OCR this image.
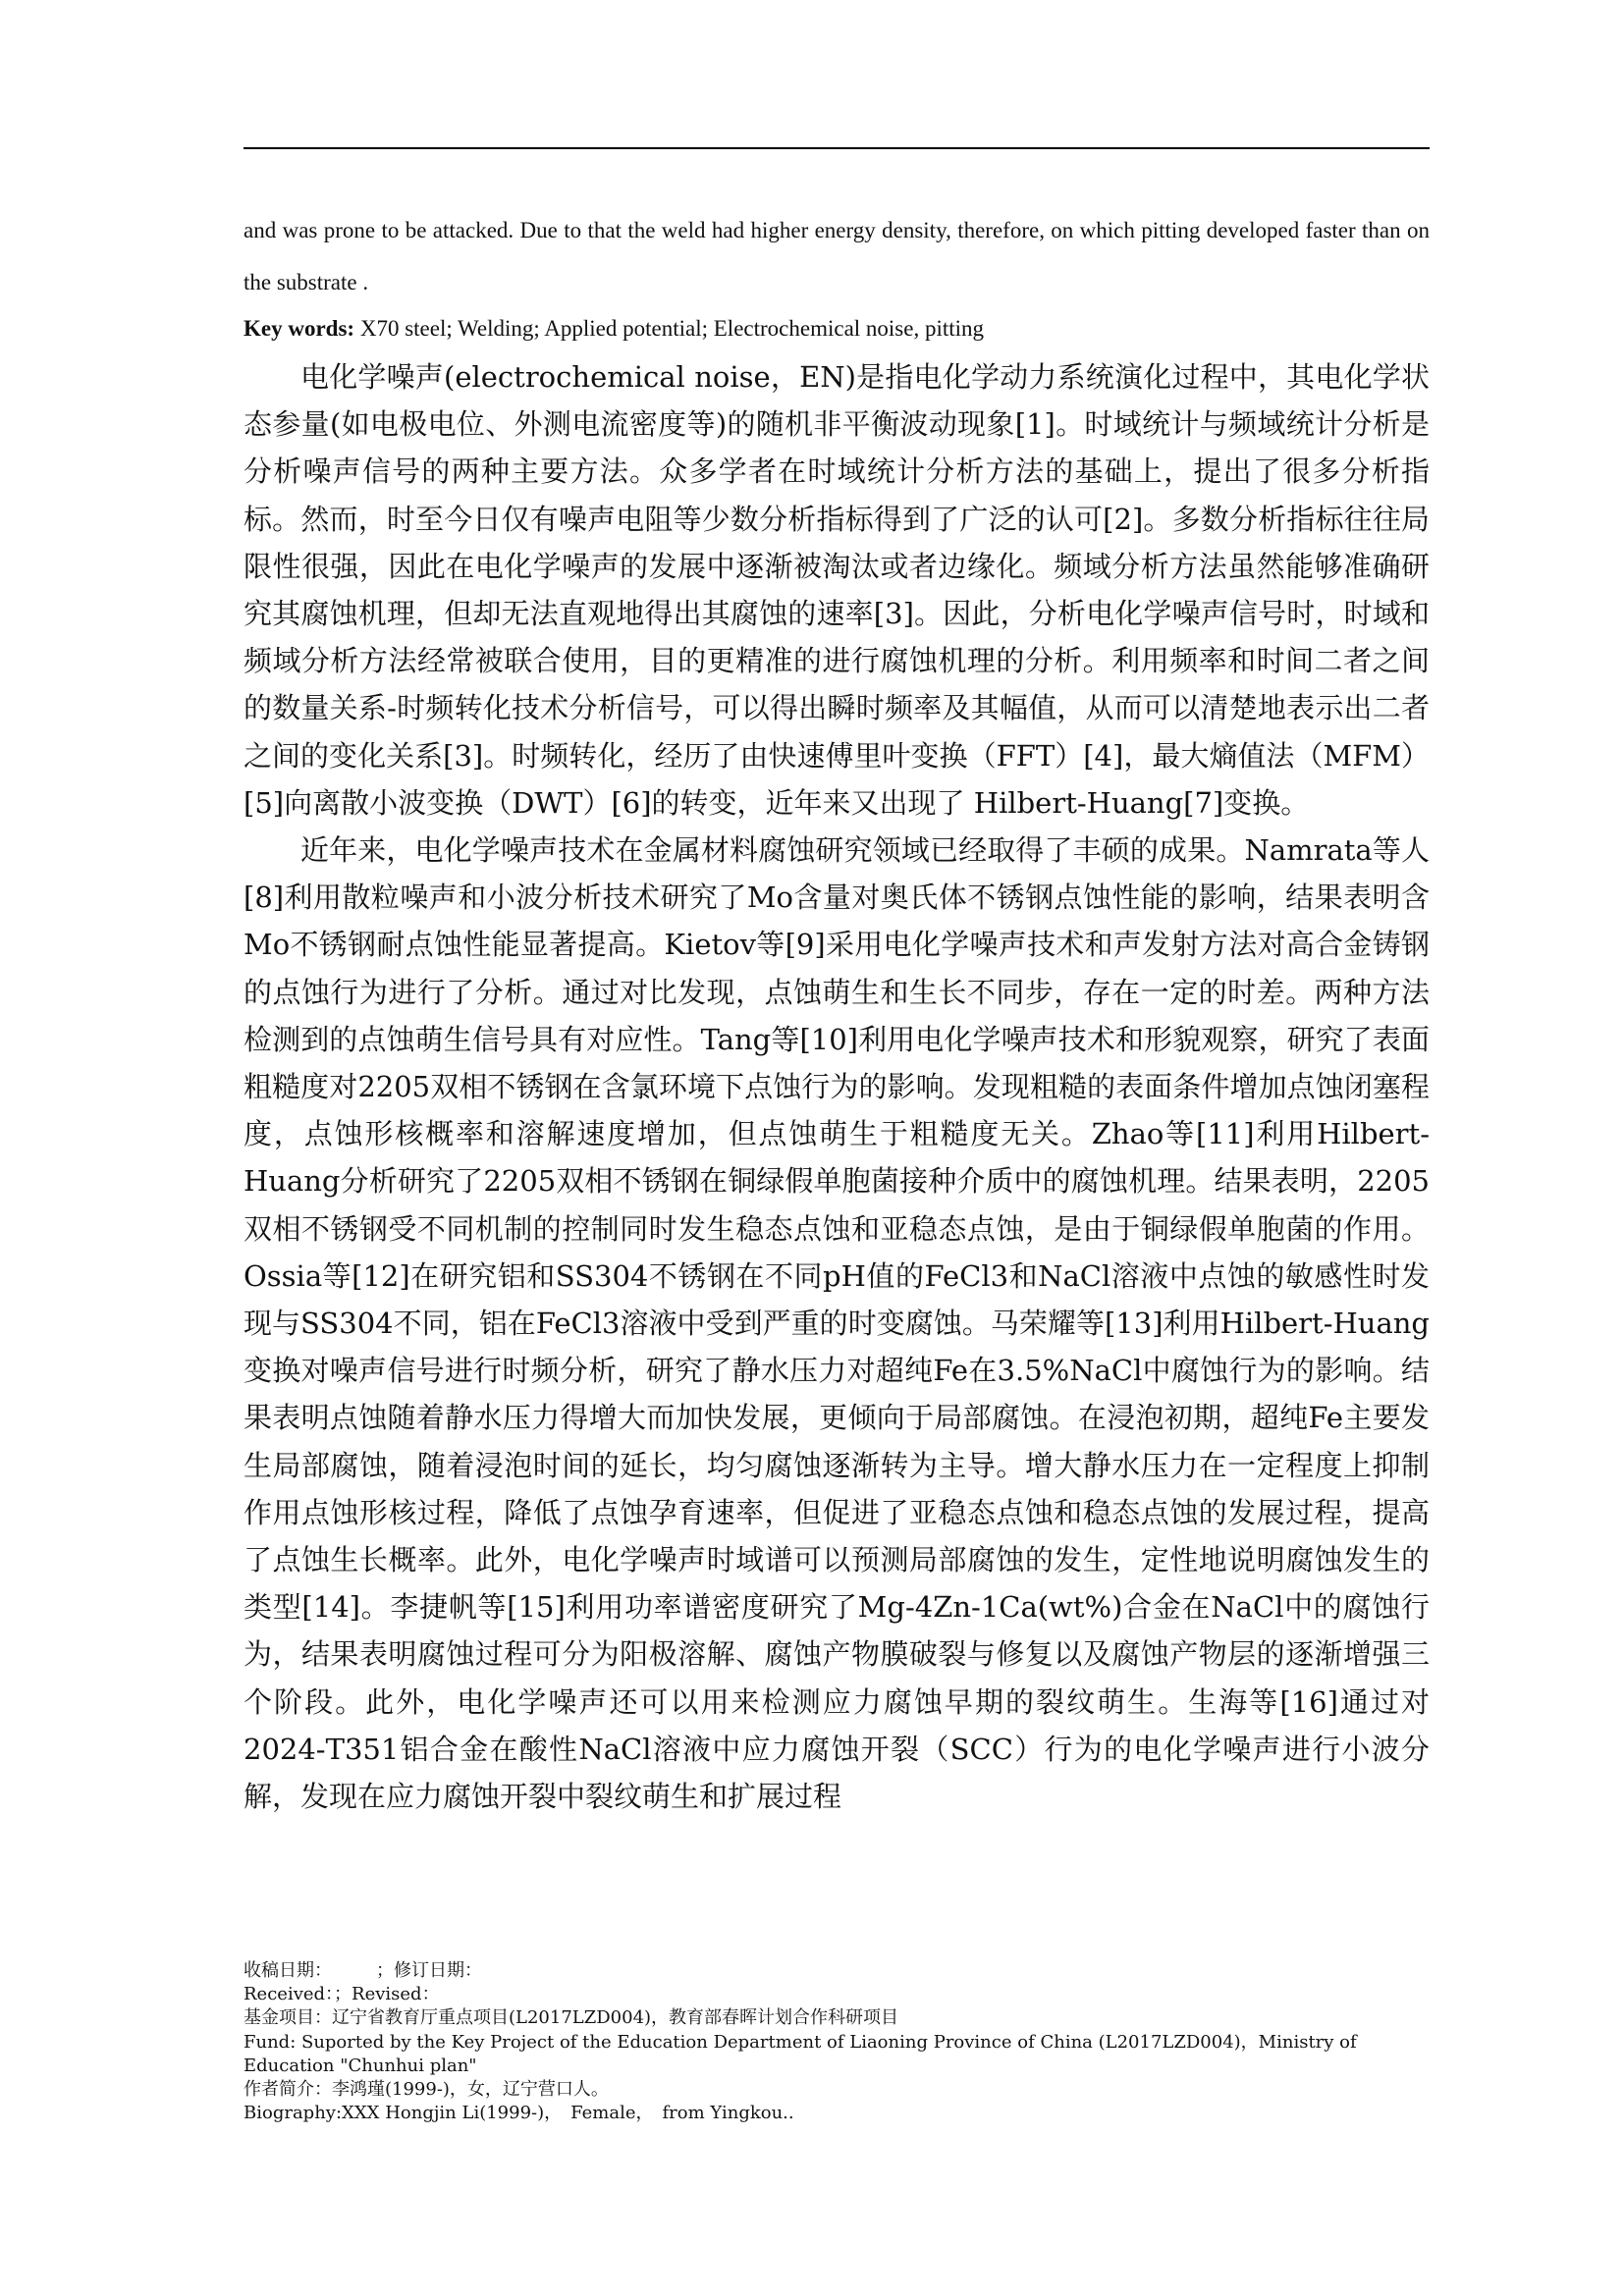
and was prone to be attacked. Due to that the weld had higher energy density, therefore, on which pitting developed faster than on the substrate .
Key words: X70 steel; Welding; Applied potential; Electrochemical noise, pitting

电化学噪声(electrochemical noise，EN)是指电化学动力系统演化过程中，其电化学状态参量(如电极电位、外测电流密度等)的随机非平衡波动现象[1]。时域统计与频域统计分析是分析噪声信号的两种主要方法。众多学者在时域统计分析方法的基础上，提出了很多分析指标。然而，时至今日仅有噪声电阻等少数分析指标得到了广泛的认可[2]。多数分析指标往往局限性很强，因此在电化学噪声的发展中逐渐被淘汰或者边缘化。频域分析方法虽然能够准确研究其腐蚀机理，但却无法直观地得出其腐蚀的速率[3]。因此，分析电化学噪声信号时，时域和频域分析方法经常被联合使用，目的更精准的进行腐蚀机理的分析。利用频率和时间二者之间的数量关系-时频转化技术分析信号，可以得出瞬时频率及其幅值，从而可以清楚地表示出二者之间的变化关系[3]。时频转化，经历了由快速傅里叶变换（FFT）[4]，最大熵值法（MFM）[5]向离散小波变换（DWT）[6]的转变，近年来又出现了 Hilbert-Huang[7]变换。

近年来，电化学噪声技术在金属材料腐蚀研究领域已经取得了丰硕的成果。Namrata等人[8]利用散粒噪声和小波分析技术研究了Mo含量对奥氏体不锈钢点蚀性能的影响，结果表明含Mo不锈钢耐点蚀性能显著提高。Kietov等[9]采用电化学噪声技术和声发射方法对高合金铸钢的点蚀行为进行了分析。通过对比发现，点蚀萌生和生长不同步，存在一定的时差。两种方法检测到的点蚀萌生信号具有对应性。Tang等[10]利用电化学噪声技术和形貌观察，研究了表面粗糙度对2205双相不锈钢在含氯环境下点蚀行为的影响。发现粗糙的表面条件增加点蚀闭塞程度，点蚀形核概率和溶解速度增加，但点蚀萌生于粗糙度无关。Zhao等[11]利用Hilbert-Huang分析研究了2205双相不锈钢在铜绿假单胞菌接种介质中的腐蚀机理。结果表明，2205双相不锈钢受不同机制的控制同时发生稳态点蚀和亚稳态点蚀，是由于铜绿假单胞菌的作用。Ossia等[12]在研究铝和SS304不锈钢在不同pH值的FeCl3和NaCl溶液中点蚀的敏感性时发现与SS304不同，铝在FeCl3溶液中受到严重的时变腐蚀。马荣耀等[13]利用Hilbert-Huang 变换对噪声信号进行时频分析，研究了静水压力对超纯Fe在3.5%NaCl中腐蚀行为的影响。结果表明点蚀随着静水压力得增大而加快发展，更倾向于局部腐蚀。在浸泡初期，超纯Fe主要发生局部腐蚀，随着浸泡时间的延长，均匀腐蚀逐渐转为主导。增大静水压力在一定程度上抑制作用点蚀形核过程，降低了点蚀孕育速率，但促进了亚稳态点蚀和稳态点蚀的发展过程，提高了点蚀生长概率。此外，电化学噪声时域谱可以预测局部腐蚀的发生，定性地说明腐蚀发生的类型[14]。李捷帆等[15]利用功率谱密度研究了Mg-4Zn-1Ca(wt%)合金在NaCl中的腐蚀行为，结果表明腐蚀过程可分为阳极溶解、腐蚀产物膜破裂与修复以及腐蚀产物层的逐渐增强三个阶段。此外，电化学噪声还可以用来检测应力腐蚀早期的裂纹萌生。生海等[16]通过对2024-T351铝合金在酸性NaCl溶液中应力腐蚀开裂（SCC）行为的电化学噪声进行小波分解，发现在应力腐蚀开裂中裂纹萌生和扩展过程

收稿日期：　　　；修订日期：
Received：；Revised：
基金项目：辽宁省教育厅重点项目(L2017LZD004)，教育部春晖计划合作科研项目
Fund: Suported by the Key Project of the Education Department of Liaoning Province of China (L2017LZD004)，Ministry of Education "Chunhui plan"
作者简介：李鸿瑾(1999-)，女，辽宁营口人。
Biography:XXX Hongjin Li(1999-)，　Female，　from Yingkou..
